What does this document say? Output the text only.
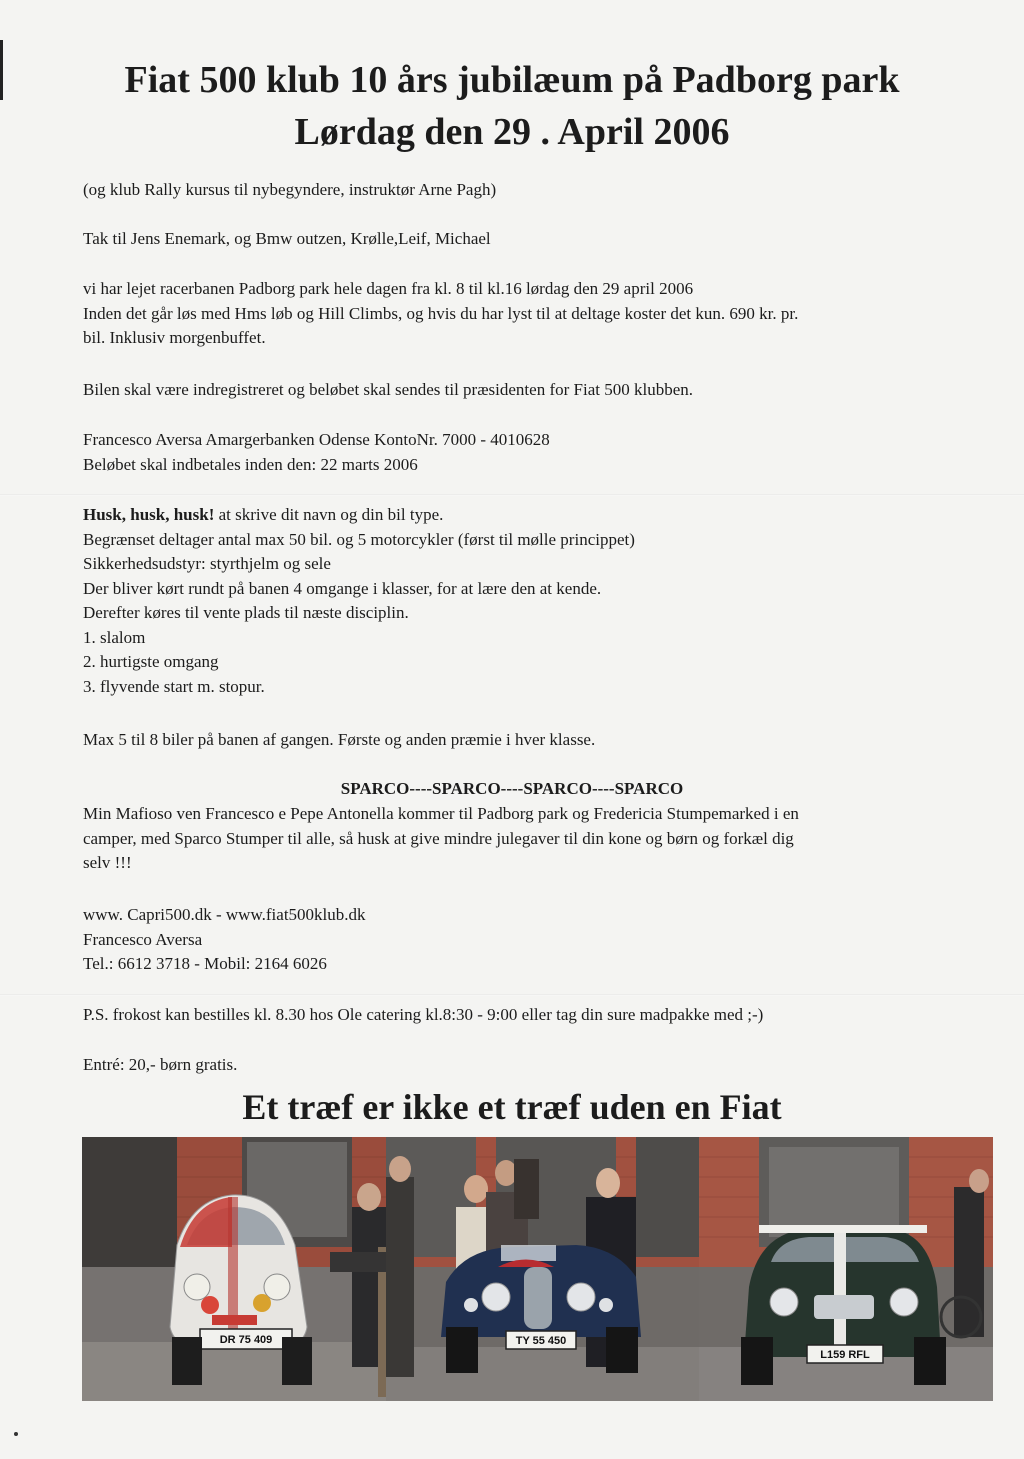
Fiat 500 klub 10 års jubilæum på Padborg park
Lørdag den 29 . April 2006

(og klub Rally kursus til nybegyndere, instruktør Arne Pagh)

Tak til Jens Enemark, og Bmw outzen, Krølle,Leif, Michael

vi har lejet racerbanen Padborg park hele dagen fra kl. 8 til kl.16 lørdag den 29 april 2006
Inden det går løs med Hms løb og Hill Climbs, og hvis du har lyst til at deltage koster det kun. 690 kr. pr.
bil. Inklusiv morgenbuffet.

Bilen skal være indregistreret og beløbet skal sendes til præsidenten for Fiat 500 klubben.

Francesco Aversa Amargerbanken Odense KontoNr. 7000 - 4010628
Beløbet skal indbetales inden den: 22 marts 2006
Husk, husk, husk! at skrive dit navn og din bil type.
Begrænset deltager antal max 50 bil. og 5 motorcykler (først til mølle princippet)
Sikkerhedsudstyr: styrthjelm og sele
Der bliver kørt rundt på banen 4 omgange i klasser, for at lære den at kende.
Derefter køres til vente plads til næste disciplin.
1. slalom
2. hurtigste omgang
3. flyvende start m. stopur.

Max 5 til 8 biler på banen af gangen. Første og anden præmie i hver klasse.

SPARCO----SPARCO----SPARCO----SPARCO

Min Mafioso ven Francesco e Pepe Antonella kommer til Padborg park og Fredericia Stumpemarked i en
camper, med Sparco Stumper til alle, så husk at give mindre julegaver til din kone og børn og forkæl dig
selv !!!
www. Capri500.dk - www.fiat500klub.dk
Francesco Aversa
Tel.: 6612 3718 - Mobil: 2164 6026

P.S. frokost kan bestilles kl. 8.30 hos Ole catering kl.8:30 - 9:00 eller tag din sure madpakke med ;-)

Entré: 20,- børn gratis.

Et træf er ikke et træf uden en Fiat
DR 75 409	TY 55 450
L159 RFL
